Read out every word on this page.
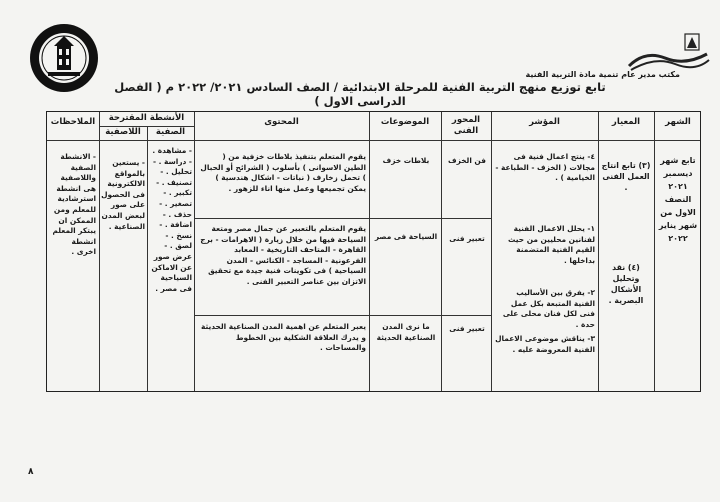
مكتب مدير عام تنمية مادة التربية الفنية
تابع توزيع منهج التربية الفنية للمرحلة الابتدائية / الصف السادس ٢٠٢١/ ٢٠٢٢ م ( الفصل الدراسى الاول )
الشهر
المعيار
المؤشر
المحور الفنى
الموضوعات
المحتوى
الأنشطة المقترحة
الصفية
اللاصفية
الملاحظات
تابع شهر ديسمبر ٢٠٢١ النصف الاول من شهر يناير ٢٠٢٢
(٣) تابع انتاج العمل الفنى .
(٤) نقد وتحليل الأشكال البصرية .
٤- ينتج اعمال فنية فى مجالات ( الخزف - الطباعة - الخيامية ) .
١- يحلل الاعمال الفنية لفنانين محليين من حيث القيم الفنية المتضمنة بداخلها .
٢- يفرق بين الأساليب الفنية المتبعة بكل عمل فنى لكل فنان محلى على حدة .
٣- يناقش موضوعى الاعمال الفنية المعروضة عليه .
فن الخزف
بلاطات خزف
يقوم المتعلم بتنفيذ بلاطات خزفية من ( الطين الاسوانى ) بأسلوب ( الشرائح أو الحبال ) تحمل زخارف ( نباتات - اشكال هندسية ) يمكن تجميعها وعمل منها اناء للزهور .
تعبير فنى
السياحة فى مصر
يقوم المتعلم بالتعبير عن جمال مصر ومتعة السياحة فيها من خلال زيارة ( الاهرامات - برج القاهرة - المتاحف التاريخية - المعابد الفرعونية - المساجد - الكنائس - المدن السياحية ) فى تكوينات فنية جيدة مع تحقيق الاتزان بين عناصر التعبير الفنى .
تعبير فنى
ما نرى المدن الصناعية الحديثة
يعبر المتعلم عن اهمية المدن الصناعية الحديثة و يدرك العلاقة الشكلية بين الخطوط والمساحات .
- مشاهدة . - دراسة . - تحليل . - تصنيف . - تكبير . - تصغير . - حذف . - اضافة . - نسخ . - لصق . - عرض صور عن الاماكن السياحية فى مصر .
- يستعين بالمواقع الالكترونية فى الحصول على صور لبعض المدن الصناعية .
- الانشطة الصفية واللاصفية هى انشطة استرشادية للمعلم ومن الممكن ان يبتكر المعلم انشطة اخرى .
٨
